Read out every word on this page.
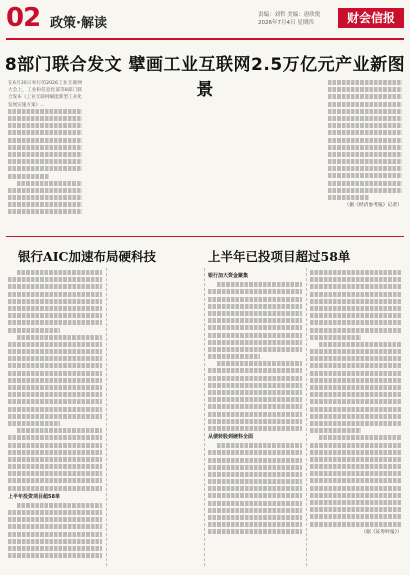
02 政策·解读
责编：刘哲 美编：唐欣悦
2026年7月4日 星期四	财会信报
8部门联合发文 擘画工业互联网2.5万亿元产业新图景
在6月30日举行的2026工业互联网大会上，工业和信息化部等8部门联合发布《工业互联网赋能新型工业化发展实施方案》…
（据《经济参考报》记者）
银行AIC加速布局硬科技	上半年已投项目超过58单
上半年投资项目超58单
银行加大资金聚集
从债转股到硬科全面
（据《证券时报》）
